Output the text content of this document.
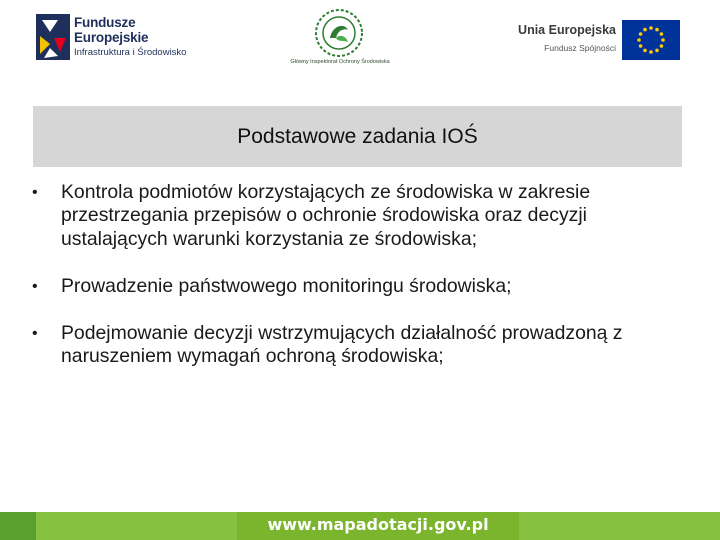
Fundusze
Europejskie
Infrastruktura i Środowisko
Główny Inspektorat Ochrony Środowiska
Unia Europejska
Fundusz Spójności
Podstawowe zadania IOŚ
• Kontrola podmiotów korzystających ze środowiska w zakresie przestrzegania przepisów o ochronie środowiska oraz decyzji ustalających warunki korzystania ze środowiska;
• Prowadzenie państwowego monitoringu środowiska;
• Podejmowanie decyzji wstrzymujących działalność prowadzoną z naruszeniem wymagań ochroną środowiska;
www.mapadotacji.gov.pl
